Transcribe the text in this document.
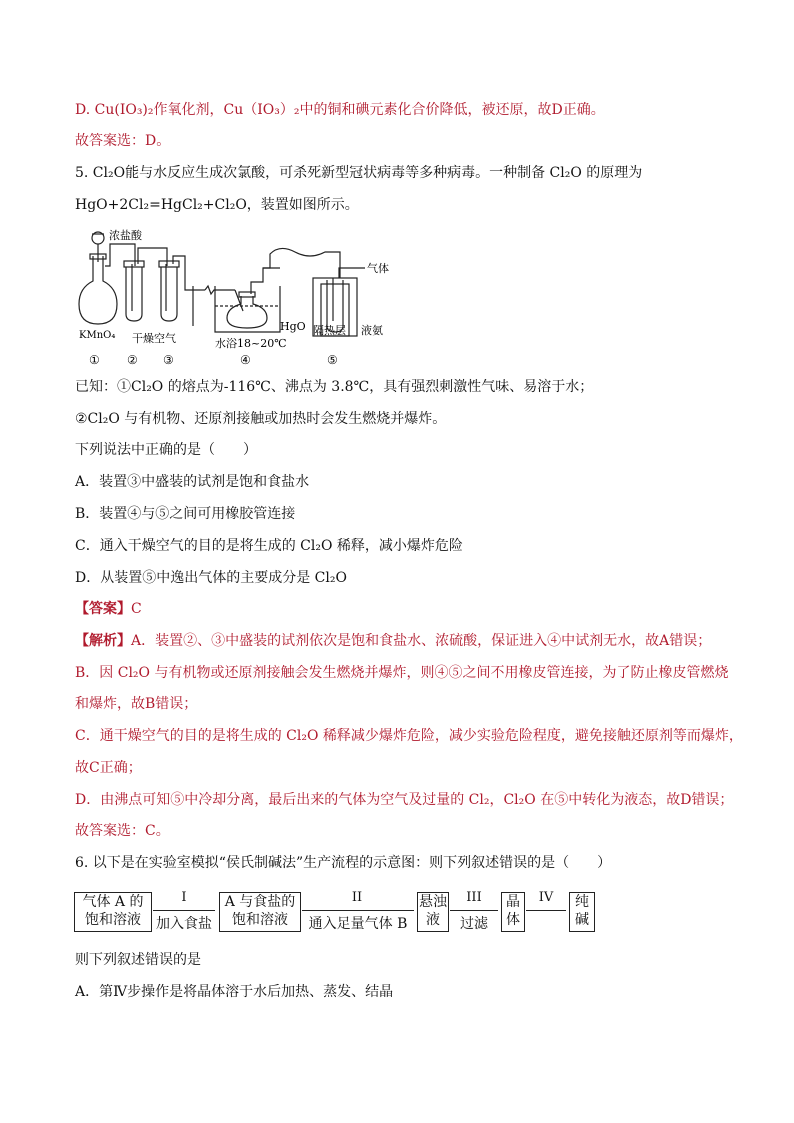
D. Cu(IO₃)₂作氧化剂，Cu（IO₃）₂中的铜和碘元素化合价降低，被还原，故D正确。
故答案选：D。
5. Cl₂O能与水反应生成次氯酸，可杀死新型冠状病毒等多种病毒。一种制备 Cl₂O 的原理为
HgO+2Cl₂=HgCl₂+Cl₂O，装置如图所示。
浓盐酸
KMnO₄ 干燥空气	水浴18~20℃
HgO 隔热层 液氨
气体
① ② ③	④	⑤
已知：①Cl₂O 的熔点为-116℃、沸点为 3.8℃，具有强烈刺激性气味、易溶于水；
②Cl₂O 与有机物、还原剂接触或加热时会发生燃烧并爆炸。
下列说法中正确的是（　　）
A．装置③中盛装的试剂是饱和食盐水
B．装置④与⑤之间可用橡胶管连接
C．通入干燥空气的目的是将生成的 Cl₂O 稀释，减小爆炸危险
D．从装置⑤中逸出气体的主要成分是 Cl₂O
【答案】C
【解析】A．装置②、③中盛装的试剂依次是饱和食盐水、浓硫酸，保证进入④中试剂无水，故A错误；
B．因 Cl₂O 与有机物或还原剂接触会发生燃烧并爆炸，则④⑤之间不用橡皮管连接，为了防止橡皮管燃烧
和爆炸，故B错误；
C．通干燥空气的目的是将生成的 Cl₂O 稀释减少爆炸危险，减少实验危险程度，避免接触还原剂等而爆炸，
故C正确；
D．由沸点可知⑤中冷却分离，最后出来的气体为空气及过量的 Cl₂，Cl₂O 在⑤中转化为液态，故D错误；
故答案选：C。
6. 以下是在实验室模拟“侯氏制碱法”生产流程的示意图：则下列叙述错误的是（　　）
气体 A 的
饱和溶液
I
加入食盐
A 与食盐的
饱和溶液
II
通入足量气体 B
悬浊
液
III
过滤
晶
体
IV	纯
碱
则下列叙述错误的是
A．第Ⅳ步操作是将晶体溶于水后加热、蒸发、结晶
